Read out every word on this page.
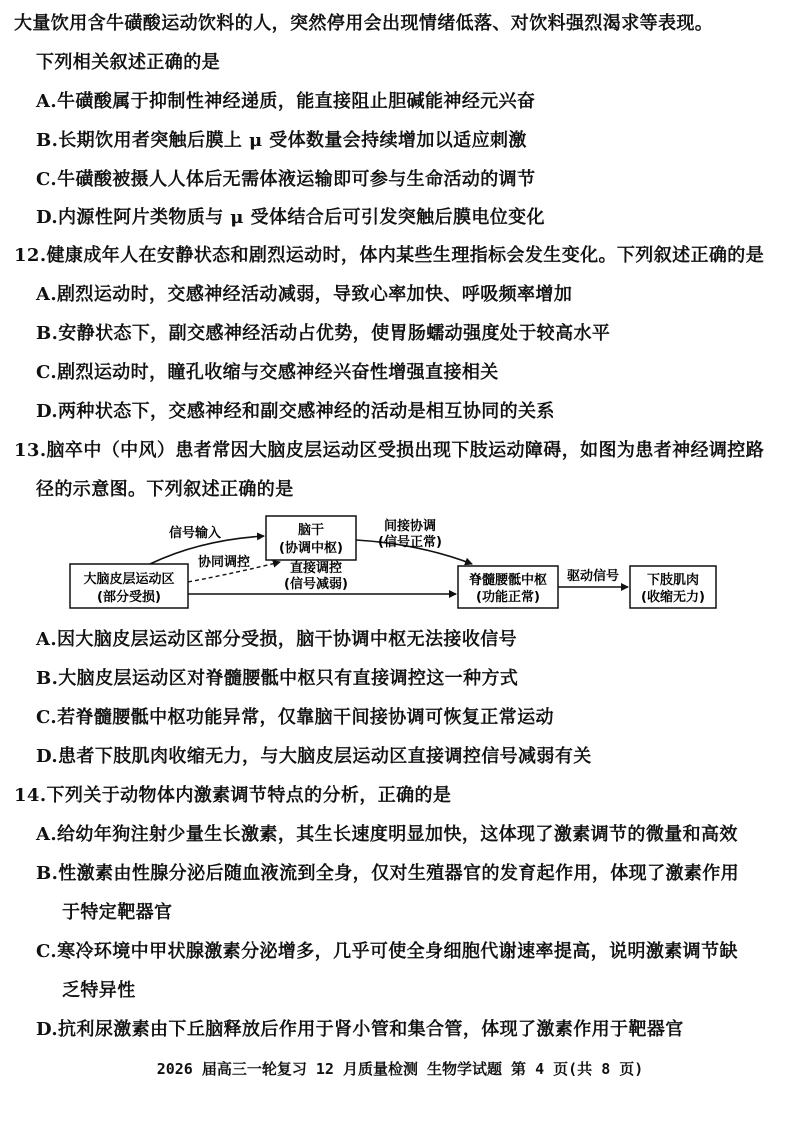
大量饮用含牛磺酸运动饮料的人，突然停用会出现情绪低落、对饮料强烈渴求等表现。
下列相关叙述正确的是
A.牛磺酸属于抑制性神经递质，能直接阻止胆碱能神经元兴奋
B.长期饮用者突触后膜上 μ 受体数量会持续增加以适应刺激
C.牛磺酸被摄人人体后无需体液运输即可参与生命活动的调节
D.内源性阿片类物质与 μ 受体结合后可引发突触后膜电位变化
12.健康成年人在安静状态和剧烈运动时，体内某些生理指标会发生变化。下列叙述正确的是
A.剧烈运动时，交感神经活动减弱，导致心率加快、呼吸频率增加
B.安静状态下，副交感神经活动占优势，使胃肠蠕动强度处于较高水平
C.剧烈运动时，瞳孔收缩与交感神经兴奋性增强直接相关
D.两种状态下，交感神经和副交感神经的活动是相互协同的关系
13.脑卒中（中风）患者常因大脑皮层运动区受损出现下肢运动障碍，如图为患者神经调控路
径的示意图。下列叙述正确的是
大脑皮层运动区
(部分受损)
脑干
(协调中枢)
脊髓腰骶中枢
(功能正常)
下肢肌肉
(收缩无力)
信号输入
协同调控
间接协调
(信号正常)
直接调控
(信号减弱)
驱动信号
A.因大脑皮层运动区部分受损，脑干协调中枢无法接收信号
B.大脑皮层运动区对脊髓腰骶中枢只有直接调控这一种方式
C.若脊髓腰骶中枢功能异常，仅靠脑干间接协调可恢复正常运动
D.患者下肢肌肉收缩无力，与大脑皮层运动区直接调控信号减弱有关
14.下列关于动物体内激素调节特点的分析，正确的是
A.给幼年狗注射少量生长激素，其生长速度明显加快，这体现了激素调节的微量和高效
B.性激素由性腺分泌后随血液流到全身，仅对生殖器官的发育起作用，体现了激素作用
于特定靶器官
C.寒冷环境中甲状腺激素分泌增多，几乎可使全身细胞代谢速率提高，说明激素调节缺
乏特异性
D.抗利尿激素由下丘脑释放后作用于肾小管和集合管，体现了激素作用于靶器官
2026 届高三一轮复习 12 月质量检测 生物学试题 第 4 页(共 8 页)
